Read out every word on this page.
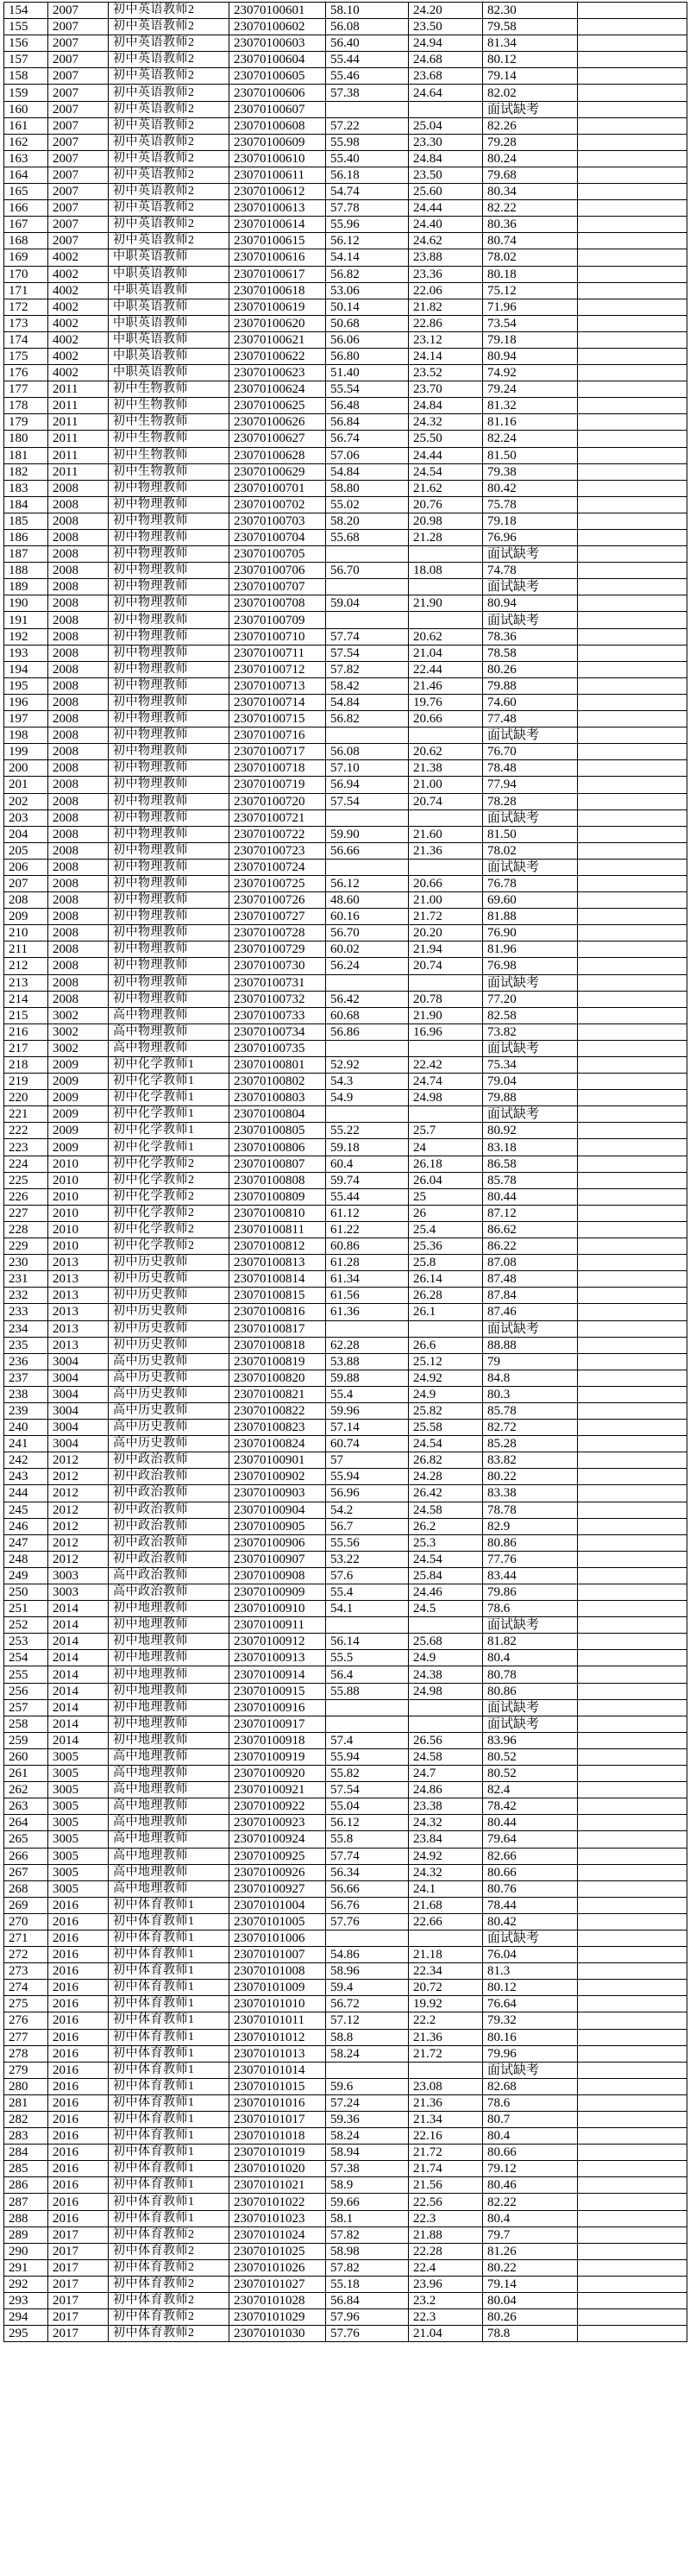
154	2007	初中英语教师2	23070100601	58.10	24.20	82.30	
155	2007	初中英语教师2	23070100602	56.08	23.50	79.58	
156	2007	初中英语教师2	23070100603	56.40	24.94	81.34	
157	2007	初中英语教师2	23070100604	55.44	24.68	80.12	
158	2007	初中英语教师2	23070100605	55.46	23.68	79.14	
159	2007	初中英语教师2	23070100606	57.38	24.64	82.02	
160	2007	初中英语教师2	23070100607			面试缺考	
161	2007	初中英语教师2	23070100608	57.22	25.04	82.26	
162	2007	初中英语教师2	23070100609	55.98	23.30	79.28	
163	2007	初中英语教师2	23070100610	55.40	24.84	80.24	
164	2007	初中英语教师2	23070100611	56.18	23.50	79.68	
165	2007	初中英语教师2	23070100612	54.74	25.60	80.34	
166	2007	初中英语教师2	23070100613	57.78	24.44	82.22	
167	2007	初中英语教师2	23070100614	55.96	24.40	80.36	
168	2007	初中英语教师2	23070100615	56.12	24.62	80.74	
169	4002	中职英语教师	23070100616	54.14	23.88	78.02	
170	4002	中职英语教师	23070100617	56.82	23.36	80.18	
171	4002	中职英语教师	23070100618	53.06	22.06	75.12	
172	4002	中职英语教师	23070100619	50.14	21.82	71.96	
173	4002	中职英语教师	23070100620	50.68	22.86	73.54	
174	4002	中职英语教师	23070100621	56.06	23.12	79.18	
175	4002	中职英语教师	23070100622	56.80	24.14	80.94	
176	4002	中职英语教师	23070100623	51.40	23.52	74.92	
177	2011	初中生物教师	23070100624	55.54	23.70	79.24	
178	2011	初中生物教师	23070100625	56.48	24.84	81.32	
179	2011	初中生物教师	23070100626	56.84	24.32	81.16	
180	2011	初中生物教师	23070100627	56.74	25.50	82.24	
181	2011	初中生物教师	23070100628	57.06	24.44	81.50	
182	2011	初中生物教师	23070100629	54.84	24.54	79.38	
183	2008	初中物理教师	23070100701	58.80	21.62	80.42	
184	2008	初中物理教师	23070100702	55.02	20.76	75.78	
185	2008	初中物理教师	23070100703	58.20	20.98	79.18	
186	2008	初中物理教师	23070100704	55.68	21.28	76.96	
187	2008	初中物理教师	23070100705			面试缺考	
188	2008	初中物理教师	23070100706	56.70	18.08	74.78	
189	2008	初中物理教师	23070100707			面试缺考	
190	2008	初中物理教师	23070100708	59.04	21.90	80.94	
191	2008	初中物理教师	23070100709			面试缺考	
192	2008	初中物理教师	23070100710	57.74	20.62	78.36	
193	2008	初中物理教师	23070100711	57.54	21.04	78.58	
194	2008	初中物理教师	23070100712	57.82	22.44	80.26	
195	2008	初中物理教师	23070100713	58.42	21.46	79.88	
196	2008	初中物理教师	23070100714	54.84	19.76	74.60	
197	2008	初中物理教师	23070100715	56.82	20.66	77.48	
198	2008	初中物理教师	23070100716			面试缺考	
199	2008	初中物理教师	23070100717	56.08	20.62	76.70	
200	2008	初中物理教师	23070100718	57.10	21.38	78.48	
201	2008	初中物理教师	23070100719	56.94	21.00	77.94	
202	2008	初中物理教师	23070100720	57.54	20.74	78.28	
203	2008	初中物理教师	23070100721			面试缺考	
204	2008	初中物理教师	23070100722	59.90	21.60	81.50	
205	2008	初中物理教师	23070100723	56.66	21.36	78.02	
206	2008	初中物理教师	23070100724			面试缺考	
207	2008	初中物理教师	23070100725	56.12	20.66	76.78	
208	2008	初中物理教师	23070100726	48.60	21.00	69.60	
209	2008	初中物理教师	23070100727	60.16	21.72	81.88	
210	2008	初中物理教师	23070100728	56.70	20.20	76.90	
211	2008	初中物理教师	23070100729	60.02	21.94	81.96	
212	2008	初中物理教师	23070100730	56.24	20.74	76.98	
213	2008	初中物理教师	23070100731			面试缺考	
214	2008	初中物理教师	23070100732	56.42	20.78	77.20	
215	3002	高中物理教师	23070100733	60.68	21.90	82.58	
216	3002	高中物理教师	23070100734	56.86	16.96	73.82	
217	3002	高中物理教师	23070100735			面试缺考	
218	2009	初中化学教师1	23070100801	52.92	22.42	75.34	
219	2009	初中化学教师1	23070100802	54.3	24.74	79.04	
220	2009	初中化学教师1	23070100803	54.9	24.98	79.88	
221	2009	初中化学教师1	23070100804			面试缺考	
222	2009	初中化学教师1	23070100805	55.22	25.7	80.92	
223	2009	初中化学教师1	23070100806	59.18	24	83.18	
224	2010	初中化学教师2	23070100807	60.4	26.18	86.58	
225	2010	初中化学教师2	23070100808	59.74	26.04	85.78	
226	2010	初中化学教师2	23070100809	55.44	25	80.44	
227	2010	初中化学教师2	23070100810	61.12	26	87.12	
228	2010	初中化学教师2	23070100811	61.22	25.4	86.62	
229	2010	初中化学教师2	23070100812	60.86	25.36	86.22	
230	2013	初中历史教师	23070100813	61.28	25.8	87.08	
231	2013	初中历史教师	23070100814	61.34	26.14	87.48	
232	2013	初中历史教师	23070100815	61.56	26.28	87.84	
233	2013	初中历史教师	23070100816	61.36	26.1	87.46	
234	2013	初中历史教师	23070100817			面试缺考	
235	2013	初中历史教师	23070100818	62.28	26.6	88.88	
236	3004	高中历史教师	23070100819	53.88	25.12	79	
237	3004	高中历史教师	23070100820	59.88	24.92	84.8	
238	3004	高中历史教师	23070100821	55.4	24.9	80.3	
239	3004	高中历史教师	23070100822	59.96	25.82	85.78	
240	3004	高中历史教师	23070100823	57.14	25.58	82.72	
241	3004	高中历史教师	23070100824	60.74	24.54	85.28	
242	2012	初中政治教师	23070100901	57	26.82	83.82	
243	2012	初中政治教师	23070100902	55.94	24.28	80.22	
244	2012	初中政治教师	23070100903	56.96	26.42	83.38	
245	2012	初中政治教师	23070100904	54.2	24.58	78.78	
246	2012	初中政治教师	23070100905	56.7	26.2	82.9	
247	2012	初中政治教师	23070100906	55.56	25.3	80.86	
248	2012	初中政治教师	23070100907	53.22	24.54	77.76	
249	3003	高中政治教师	23070100908	57.6	25.84	83.44	
250	3003	高中政治教师	23070100909	55.4	24.46	79.86	
251	2014	初中地理教师	23070100910	54.1	24.5	78.6	
252	2014	初中地理教师	23070100911			面试缺考	
253	2014	初中地理教师	23070100912	56.14	25.68	81.82	
254	2014	初中地理教师	23070100913	55.5	24.9	80.4	
255	2014	初中地理教师	23070100914	56.4	24.38	80.78	
256	2014	初中地理教师	23070100915	55.88	24.98	80.86	
257	2014	初中地理教师	23070100916			面试缺考	
258	2014	初中地理教师	23070100917			面试缺考	
259	2014	初中地理教师	23070100918	57.4	26.56	83.96	
260	3005	高中地理教师	23070100919	55.94	24.58	80.52	
261	3005	高中地理教师	23070100920	55.82	24.7	80.52	
262	3005	高中地理教师	23070100921	57.54	24.86	82.4	
263	3005	高中地理教师	23070100922	55.04	23.38	78.42	
264	3005	高中地理教师	23070100923	56.12	24.32	80.44	
265	3005	高中地理教师	23070100924	55.8	23.84	79.64	
266	3005	高中地理教师	23070100925	57.74	24.92	82.66	
267	3005	高中地理教师	23070100926	56.34	24.32	80.66	
268	3005	高中地理教师	23070100927	56.66	24.1	80.76	
269	2016	初中体育教师1	23070101004	56.76	21.68	78.44	
270	2016	初中体育教师1	23070101005	57.76	22.66	80.42	
271	2016	初中体育教师1	23070101006			面试缺考	
272	2016	初中体育教师1	23070101007	54.86	21.18	76.04	
273	2016	初中体育教师1	23070101008	58.96	22.34	81.3	
274	2016	初中体育教师1	23070101009	59.4	20.72	80.12	
275	2016	初中体育教师1	23070101010	56.72	19.92	76.64	
276	2016	初中体育教师1	23070101011	57.12	22.2	79.32	
277	2016	初中体育教师1	23070101012	58.8	21.36	80.16	
278	2016	初中体育教师1	23070101013	58.24	21.72	79.96	
279	2016	初中体育教师1	23070101014			面试缺考	
280	2016	初中体育教师1	23070101015	59.6	23.08	82.68	
281	2016	初中体育教师1	23070101016	57.24	21.36	78.6	
282	2016	初中体育教师1	23070101017	59.36	21.34	80.7	
283	2016	初中体育教师1	23070101018	58.24	22.16	80.4	
284	2016	初中体育教师1	23070101019	58.94	21.72	80.66	
285	2016	初中体育教师1	23070101020	57.38	21.74	79.12	
286	2016	初中体育教师1	23070101021	58.9	21.56	80.46	
287	2016	初中体育教师1	23070101022	59.66	22.56	82.22	
288	2016	初中体育教师1	23070101023	58.1	22.3	80.4	
289	2017	初中体育教师2	23070101024	57.82	21.88	79.7	
290	2017	初中体育教师2	23070101025	58.98	22.28	81.26	
291	2017	初中体育教师2	23070101026	57.82	22.4	80.22	
292	2017	初中体育教师2	23070101027	55.18	23.96	79.14	
293	2017	初中体育教师2	23070101028	56.84	23.2	80.04	
294	2017	初中体育教师2	23070101029	57.96	22.3	80.26	
295	2017	初中体育教师2	23070101030	57.76	21.04	78.8	
